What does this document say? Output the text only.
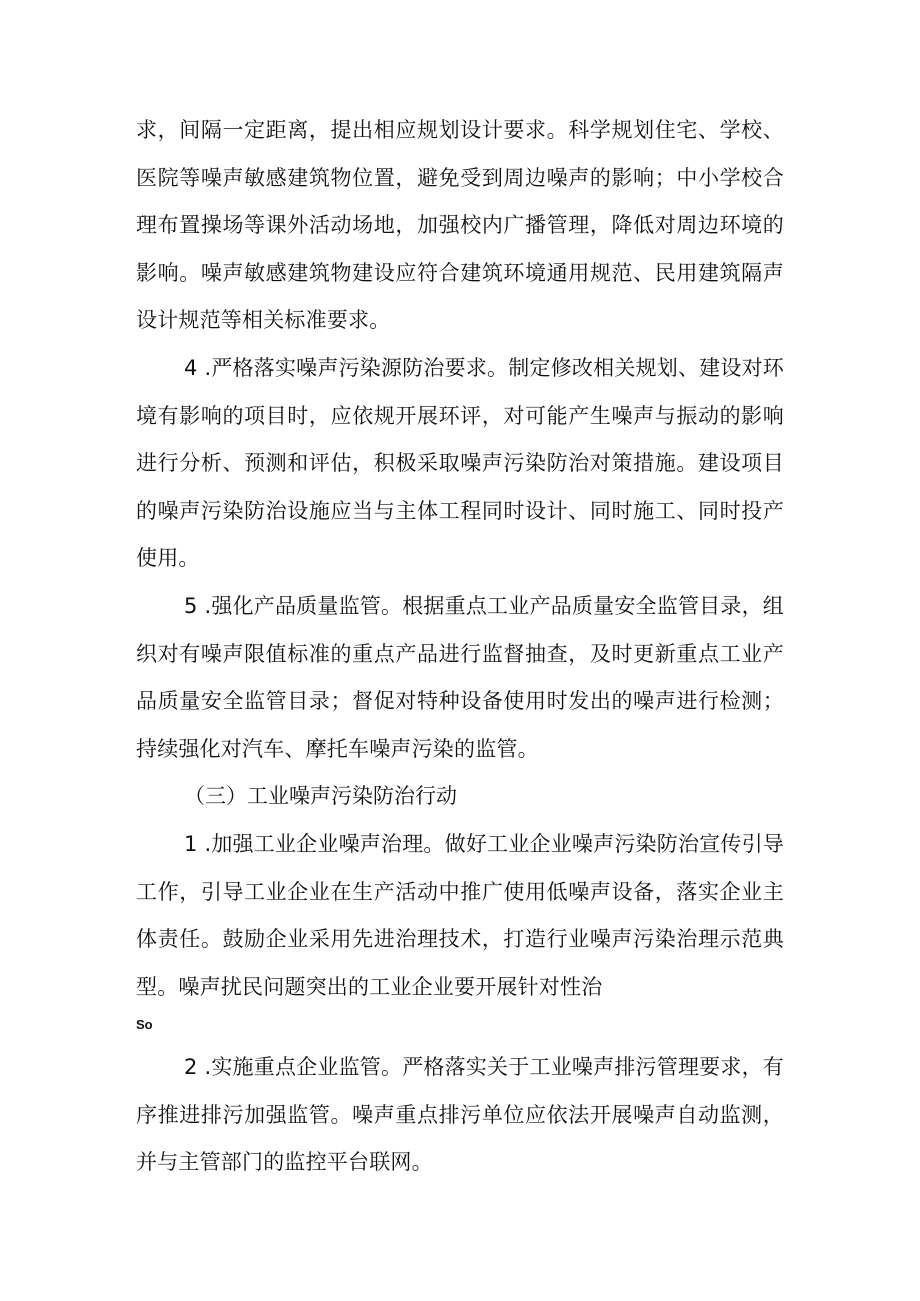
求，间隔一定距离，提出相应规划设计要求。科学规划住宅、学校、医院等噪声敏感建筑物位置，避免受到周边噪声的影响；中小学校合理布置操场等课外活动场地，加强校内广播管理，降低对周边环境的影响。噪声敏感建筑物建设应符合建筑环境通用规范、民用建筑隔声设计规范等相关标准要求。

4 .严格落实噪声污染源防治要求。制定修改相关规划、建设对环境有影响的项目时，应依规开展环评，对可能产生噪声与振动的影响进行分析、预测和评估，积极采取噪声污染防治对策措施。建设项目的噪声污染防治设施应当与主体工程同时设计、同时施工、同时投产使用。

5 .强化产品质量监管。根据重点工业产品质量安全监管目录，组织对有噪声限值标准的重点产品进行监督抽查，及时更新重点工业产品质量安全监管目录；督促对特种设备使用时发出的噪声进行检测；持续强化对汽车、摩托车噪声污染的监管。

（三）工业噪声污染防治行动

1 .加强工业企业噪声治理。做好工业企业噪声污染防治宣传引导工作，引导工业企业在生产活动中推广使用低噪声设备，落实企业主体责任。鼓励企业采用先进治理技术，打造行业噪声污染治理示范典型。噪声扰民问题突出的工业企业要开展针对性治

So

2 .实施重点企业监管。严格落实关于工业噪声排污管理要求，有序推进排污加强监管。噪声重点排污单位应依法开展噪声自动监测，并与主管部门的监控平台联网。
